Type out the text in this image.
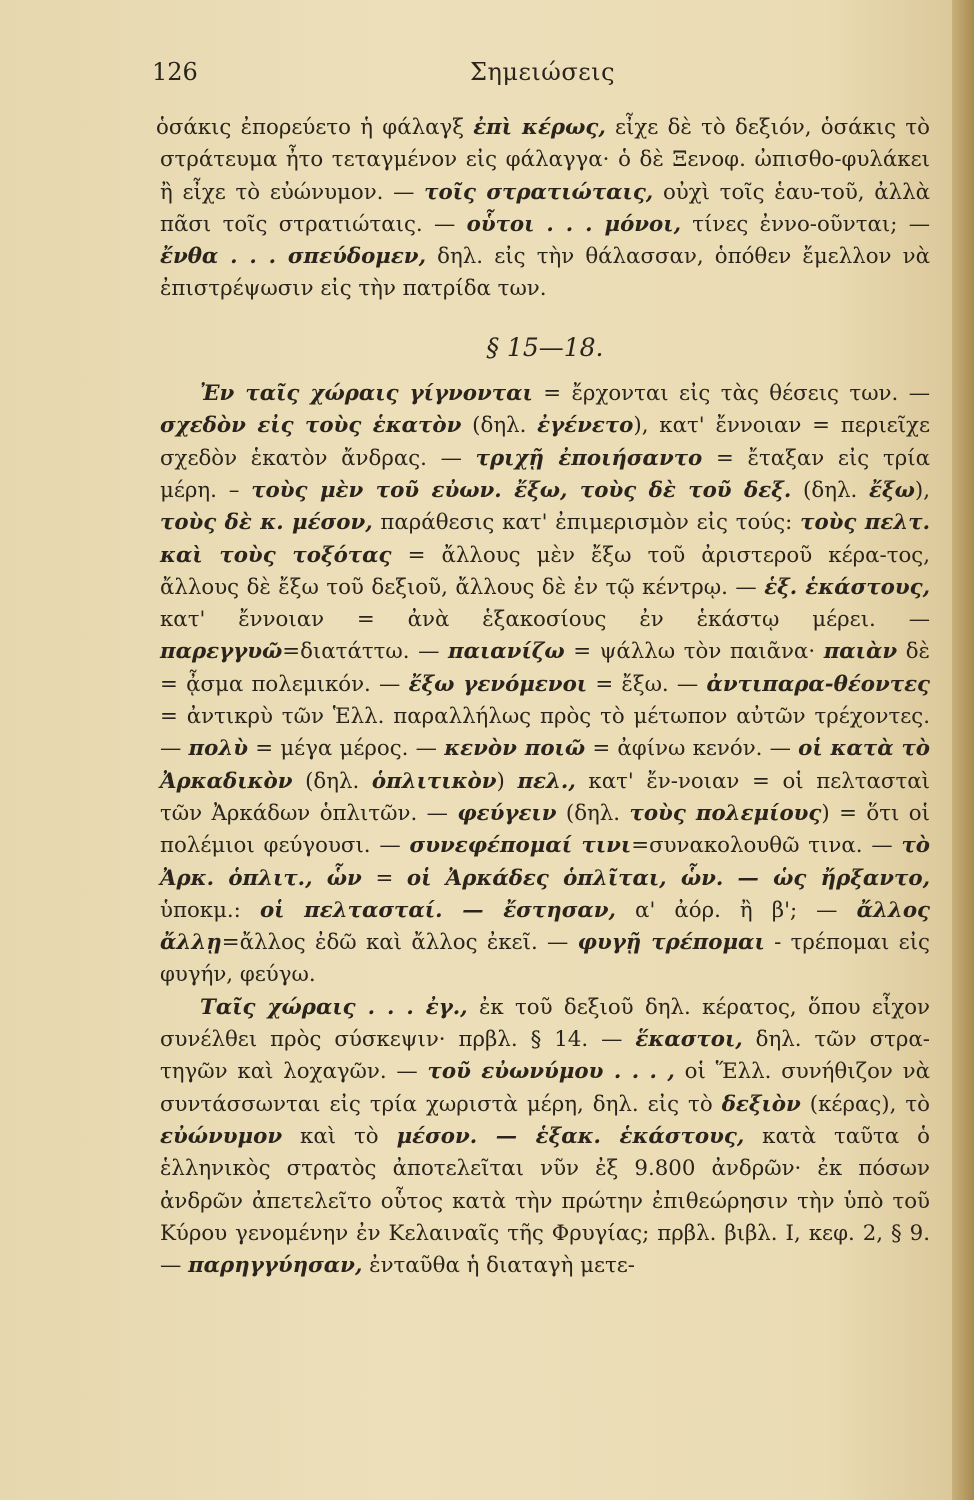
126	Σημειώσεις

ὁσάκις ἐπορεύετο ἡ φάλαγξ ἐπὶ κέρως, εἶχε δὲ τὸ δεξιόν, ὁσάκις τὸ στράτευμα ἦτο τεταγμένον εἰς φάλαγγα· ὁ δὲ Ξενοφ. ὠπισθο-φυλάκει ἢ εἶχε τὸ εὐώνυμον. — τοῖς στρατιώταις, οὐχὶ τοῖς ἑαυ-τοῦ, ἀλλὰ πᾶσι τοῖς στρατιώταις. — οὗτοι . . . μόνοι, τίνες ἐννο-οῦνται; — ἔνθα . . . σπεύδομεν, δηλ. εἰς τὴν θάλασσαν, ὁπόθεν ἔμελλον νὰ ἐπιστρέψωσιν εἰς τὴν πατρίδα των.

§ 15—18.

Ἐν ταῖς χώραις γίγνονται = ἔρχονται εἰς τὰς θέσεις των. — σχεδὸν εἰς τοὺς ἑκατὸν (δηλ. ἐγένετο), κατ' ἔννοιαν = περιεῖχε σχεδὸν ἑκατὸν ἄνδρας. — τριχῇ ἐποιήσαντο = ἔταξαν εἰς τρία μέρη. – τοὺς μὲν τοῦ εὐων. ἔξω, τοὺς δὲ τοῦ δεξ. (δηλ. ἔξω), τοὺς δὲ κ. μέσον, παράθεσις κατ' ἐπιμερισμὸν εἰς τούς: τοὺς πελτ. καὶ τοὺς τοξότας = ἄλλους μὲν ἔξω τοῦ ἀριστεροῦ κέρα-τος, ἄλλους δὲ ἔξω τοῦ δεξιοῦ, ἄλλους δὲ ἐν τῷ κέντρῳ. — ἑξ. ἑκάστους, κατ' ἔννοιαν = ἀνὰ ἑξακοσίους ἐν ἑκάστῳ μέρει. — παρεγγυῶ=διατάττω. — παιανίζω = ψάλλω τὸν παιᾶνα· παιὰν δὲ = ᾆσμα πολεμικόν. — ἔξω γενόμενοι = ἔξω. — ἀντιπαρα-θέοντες = ἀντικρὺ τῶν Ἑλλ. παραλλήλως πρὸς τὸ μέτωπον αὐτῶν τρέχοντες. — πολὺ = μέγα μέρος. — κενὸν ποιῶ = ἀφίνω κενόν. — οἱ κατὰ τὸ Ἀρκαδικὸν (δηλ. ὁπλιτικὸν) πελ., κατ' ἔν-νοιαν = οἱ πελτασταὶ τῶν Ἀρκάδων ὁπλιτῶν. — φεύγειν (δηλ. τοὺς πολεμίους) = ὅτι οἱ πολέμιοι φεύγουσι. — συνεφέπομαί τινι=συνακολουθῶ τινα. — τὸ Ἀρκ. ὁπλιτ., ὧν = οἱ Ἀρκάδες ὁπλῖται, ὧν. — ὡς ἤρξαντο, ὑποκμ.: οἱ πελτασταί. — ἔστησαν, α' ἀόρ. ἢ β'; — ἄλλος ἄλλῃ=ἄλλος ἐδῶ καὶ ἄλλος ἐκεῖ. — φυγῇ τρέπομαι - τρέπομαι εἰς φυγήν, φεύγω.

Ταῖς χώραις . . . ἐγ., ἐκ τοῦ δεξιοῦ δηλ. κέρατος, ὅπου εἶχον συνέλθει πρὸς σύσκεψιν· πρβλ. § 14. — ἕκαστοι, δηλ. τῶν στρα-τηγῶν καὶ λοχαγῶν. — τοῦ εὐωνύμου . . . , οἱ Ἕλλ. συνήθιζον νὰ συντάσσωνται εἰς τρία χωριστὰ μέρη, δηλ. εἰς τὸ δεξιὸν (κέρας), τὸ εὐώνυμον καὶ τὸ μέσον. — ἑξακ. ἑκάστους, κατὰ ταῦτα ὁ ἑλληνικὸς στρατὸς ἀποτελεῖται νῦν ἐξ 9.800 ἀνδρῶν· ἐκ πόσων ἀνδρῶν ἀπετελεῖτο οὗτος κατὰ τὴν πρώτην ἐπιθεώρησιν τὴν ὑπὸ τοῦ Κύρου γενομένην ἐν Κελαιναῖς τῆς Φρυγίας; πρβλ. βιβλ. I, κεφ. 2, § 9. — παρηγγύησαν, ἐνταῦθα ἡ διαταγὴ μετε-
